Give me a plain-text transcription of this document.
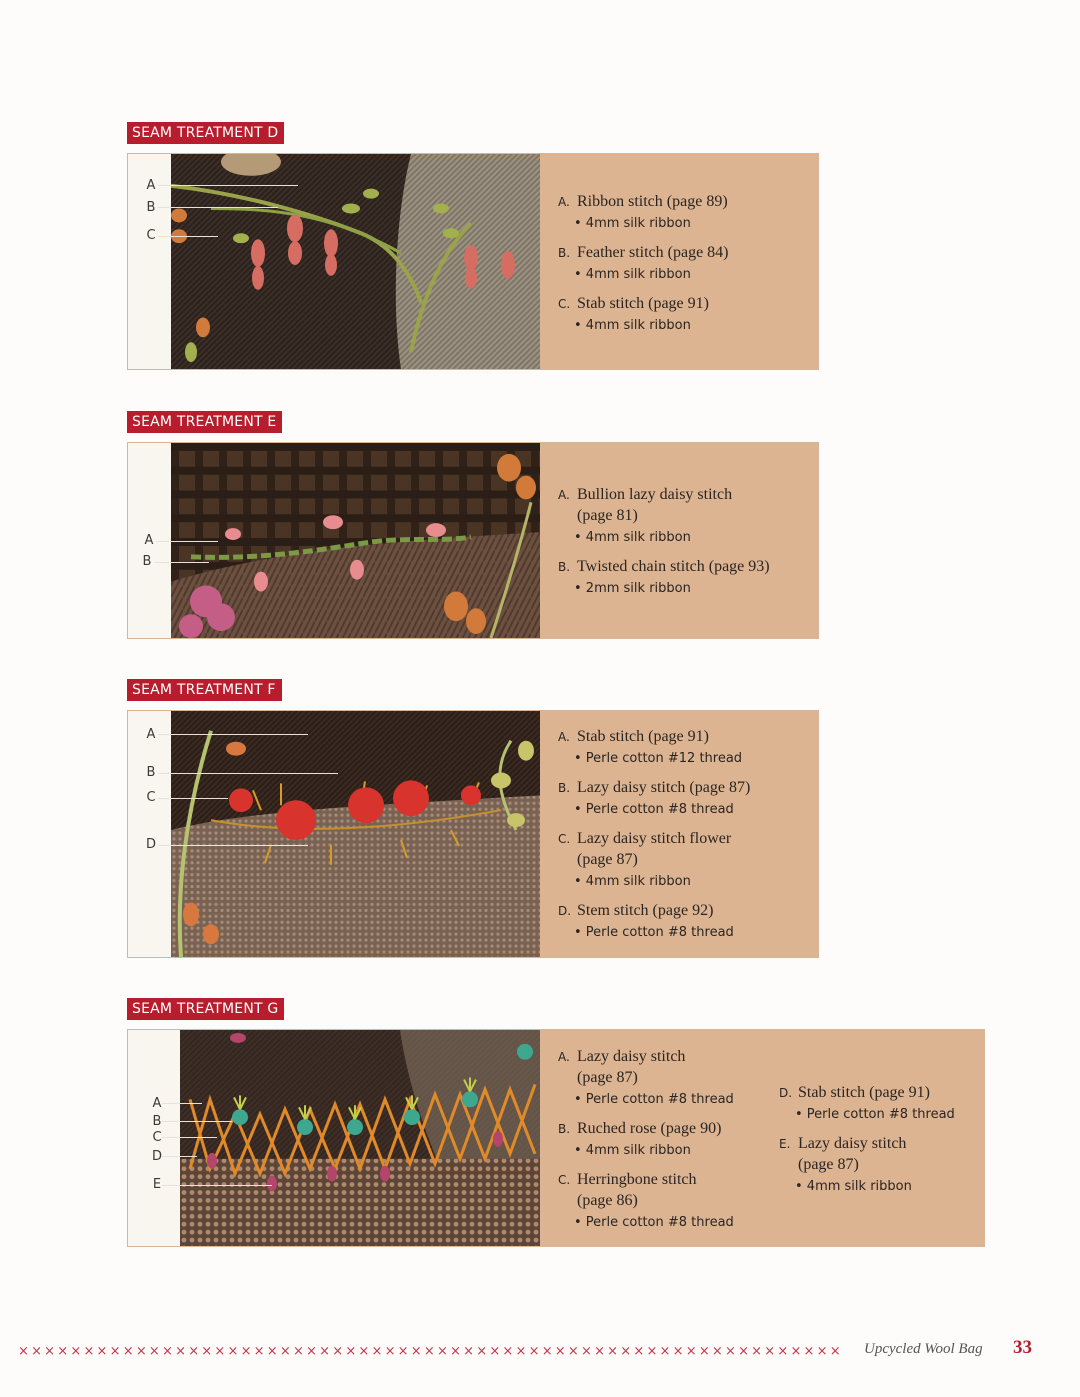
SEAM TREATMENT D
A
B
C
A. Ribbon stitch (page 89)
• 4mm silk ribbon
B. Feather stitch (page 84)
• 4mm silk ribbon
C. Stab stitch (page 91)
• 4mm silk ribbon
SEAM TREATMENT E
A
B
A. Bullion lazy daisy stitch
(page 81)
• 4mm silk ribbon
B. Twisted chain stitch (page 93)
• 2mm silk ribbon
SEAM TREATMENT F
A
B
C
D
A. Stab stitch (page 91)
• Perle cotton #12 thread
B. Lazy daisy stitch (page 87)
• Perle cotton #8 thread
C. Lazy daisy stitch flower
(page 87)
• 4mm silk ribbon
D. Stem stitch (page 92)
• Perle cotton #8 thread
SEAM TREATMENT G
A
B
C
D
E
A. Lazy daisy stitch
(page 87)
• Perle cotton #8 thread
B. Ruched rose (page 90)
• 4mm silk ribbon
C. Herringbone stitch
(page 86)
• Perle cotton #8 thread
D. Stab stitch (page 91)
• Perle cotton #8 thread
E. Lazy daisy stitch
(page 87)
• 4mm silk ribbon
××××××××××××××××××××××××××××××××××××××××××××××××××××××××××××××× Upcycled Wool Bag 33
